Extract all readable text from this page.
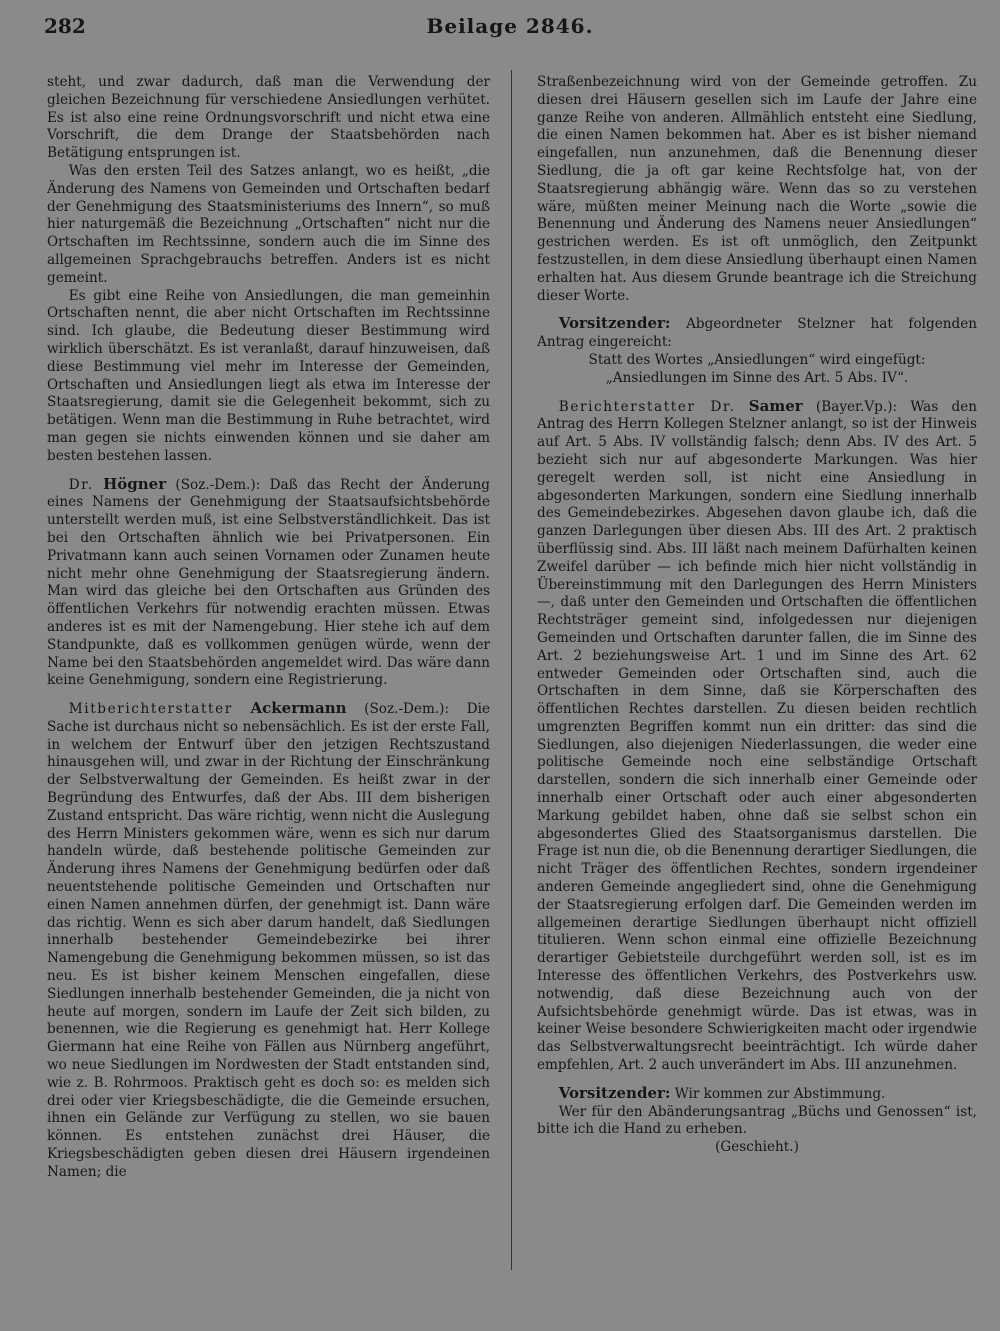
282	Beilage 2846.

steht, und zwar dadurch, daß man die Verwendung der gleichen Bezeichnung für verschiedene Ansiedlungen verhütet. Es ist also eine reine Ordnungsvorschrift und nicht etwa eine Vorschrift, die dem Drange der Staatsbehörden nach Betätigung entsprungen ist.

Was den ersten Teil des Satzes anlangt, wo es heißt, „die Änderung des Namens von Gemeinden und Ortschaften bedarf der Genehmigung des Staatsministeriums des Innern“, so muß hier naturgemäß die Bezeichnung „Ortschaften“ nicht nur die Ortschaften im Rechtssinne, sondern auch die im Sinne des allgemeinen Sprachgebrauchs betreffen. Anders ist es nicht gemeint.

Es gibt eine Reihe von Ansiedlungen, die man gemeinhin Ortschaften nennt, die aber nicht Ortschaften im Rechtssinne sind. Ich glaube, die Bedeutung dieser Bestimmung wird wirklich überschätzt. Es ist veranlaßt, darauf hinzuweisen, daß diese Bestimmung viel mehr im Interesse der Gemeinden, Ortschaften und Ansiedlungen liegt als etwa im Interesse der Staatsregierung, damit sie die Gelegenheit bekommt, sich zu betätigen. Wenn man die Bestimmung in Ruhe betrachtet, wird man gegen sie nichts einwenden können und sie daher am besten bestehen lassen.

Dr. Högner (Soz.-Dem.): Daß das Recht der Änderung eines Namens der Genehmigung der Staatsaufsichtsbehörde unterstellt werden muß, ist eine Selbstverständlichkeit. Das ist bei den Ortschaften ähnlich wie bei Privatpersonen. Ein Privatmann kann auch seinen Vornamen oder Zunamen heute nicht mehr ohne Genehmigung der Staatsregierung ändern. Man wird das gleiche bei den Ortschaften aus Gründen des öffentlichen Verkehrs für notwendig erachten müssen. Etwas anderes ist es mit der Namengebung. Hier stehe ich auf dem Standpunkte, daß es vollkommen genügen würde, wenn der Name bei den Staatsbehörden angemeldet wird. Das wäre dann keine Genehmigung, sondern eine Registrierung.

Mitberichterstatter Ackermann (Soz.-Dem.): Die Sache ist durchaus nicht so nebensächlich. Es ist der erste Fall, in welchem der Entwurf über den jetzigen Rechtszustand hinausgehen will, und zwar in der Richtung der Einschränkung der Selbstverwaltung der Gemeinden. Es heißt zwar in der Begründung des Entwurfes, daß der Abs. III dem bisherigen Zustand entspricht. Das wäre richtig, wenn nicht die Auslegung des Herrn Ministers gekommen wäre, wenn es sich nur darum handeln würde, daß bestehende politische Gemeinden zur Änderung ihres Namens der Genehmigung bedürfen oder daß neuentstehende politische Gemeinden und Ortschaften nur einen Namen annehmen dürfen, der genehmigt ist. Dann wäre das richtig. Wenn es sich aber darum handelt, daß Siedlungen innerhalb bestehender Gemeindebezirke bei ihrer Namengebung die Genehmigung bekommen müssen, so ist das neu. Es ist bisher keinem Menschen eingefallen, diese Siedlungen innerhalb bestehender Gemeinden, die ja nicht von heute auf morgen, sondern im Laufe der Zeit sich bilden, zu benennen, wie die Regierung es genehmigt hat. Herr Kollege Giermann hat eine Reihe von Fällen aus Nürnberg angeführt, wo neue Siedlungen im Nordwesten der Stadt entstanden sind, wie z. B. Rohrmoos. Praktisch geht es doch so: es melden sich drei oder vier Kriegsbeschädigte, die die Gemeinde ersuchen, ihnen ein Gelände zur Verfügung zu stellen, wo sie bauen können. Es entstehen zunächst drei Häuser, die Kriegsbeschädigten geben diesen drei Häusern irgendeinen Namen; die

Straßenbezeichnung wird von der Gemeinde getroffen. Zu diesen drei Häusern gesellen sich im Laufe der Jahre eine ganze Reihe von anderen. Allmählich entsteht eine Siedlung, die einen Namen bekommen hat. Aber es ist bisher niemand eingefallen, nun anzunehmen, daß die Benennung dieser Siedlung, die ja oft gar keine Rechtsfolge hat, von der Staatsregierung abhängig wäre. Wenn das so zu verstehen wäre, müßten meiner Meinung nach die Worte „sowie die Benennung und Änderung des Namens neuer Ansiedlungen“ gestrichen werden. Es ist oft unmöglich, den Zeitpunkt festzustellen, in dem diese Ansiedlung überhaupt einen Namen erhalten hat. Aus diesem Grunde beantrage ich die Streichung dieser Worte.

Vorsitzender: Abgeordneter Stelzner hat folgenden Antrag eingereicht:

Statt des Wortes „Ansiedlungen“ wird eingefügt:
„Ansiedlungen im Sinne des Art. 5 Abs. IV“.

Berichterstatter Dr. Samer (Bayer.Vp.): Was den Antrag des Herrn Kollegen Stelzner anlangt, so ist der Hinweis auf Art. 5 Abs. IV vollständig falsch; denn Abs. IV des Art. 5 bezieht sich nur auf abgesonderte Markungen. Was hier geregelt werden soll, ist nicht eine Ansiedlung in abgesonderten Markungen, sondern eine Siedlung innerhalb des Gemeindebezirkes. Abgesehen davon glaube ich, daß die ganzen Darlegungen über diesen Abs. III des Art. 2 praktisch überflüssig sind. Abs. III läßt nach meinem Dafürhalten keinen Zweifel darüber — ich befinde mich hier nicht vollständig in Übereinstimmung mit den Darlegungen des Herrn Ministers —, daß unter den Gemeinden und Ortschaften die öffentlichen Rechtsträger gemeint sind, infolgedessen nur diejenigen Gemeinden und Ortschaften darunter fallen, die im Sinne des Art. 2 beziehungsweise Art. 1 und im Sinne des Art. 62 entweder Gemeinden oder Ortschaften sind, auch die Ortschaften in dem Sinne, daß sie Körperschaften des öffentlichen Rechtes darstellen. Zu diesen beiden rechtlich umgrenzten Begriffen kommt nun ein dritter: das sind die Siedlungen, also diejenigen Niederlassungen, die weder eine politische Gemeinde noch eine selbständige Ortschaft darstellen, sondern die sich innerhalb einer Gemeinde oder innerhalb einer Ortschaft oder auch einer abgesonderten Markung gebildet haben, ohne daß sie selbst schon ein abgesondertes Glied des Staatsorganismus darstellen. Die Frage ist nun die, ob die Benennung derartiger Siedlungen, die nicht Träger des öffentlichen Rechtes, sondern irgendeiner anderen Gemeinde angegliedert sind, ohne die Genehmigung der Staatsregierung erfolgen darf. Die Gemeinden werden im allgemeinen derartige Siedlungen überhaupt nicht offiziell titulieren. Wenn schon einmal eine offizielle Bezeichnung derartiger Gebietsteile durchgeführt werden soll, ist es im Interesse des öffentlichen Verkehrs, des Postverkehrs usw. notwendig, daß diese Bezeichnung auch von der Aufsichtsbehörde genehmigt würde. Das ist etwas, was in keiner Weise besondere Schwierigkeiten macht oder irgendwie das Selbstverwaltungsrecht beeinträchtigt. Ich würde daher empfehlen, Art. 2 auch unverändert im Abs. III anzunehmen.

Vorsitzender: Wir kommen zur Abstimmung.

Wer für den Abänderungsantrag „Büchs und Genossen“ ist, bitte ich die Hand zu erheben.

(Geschieht.)
